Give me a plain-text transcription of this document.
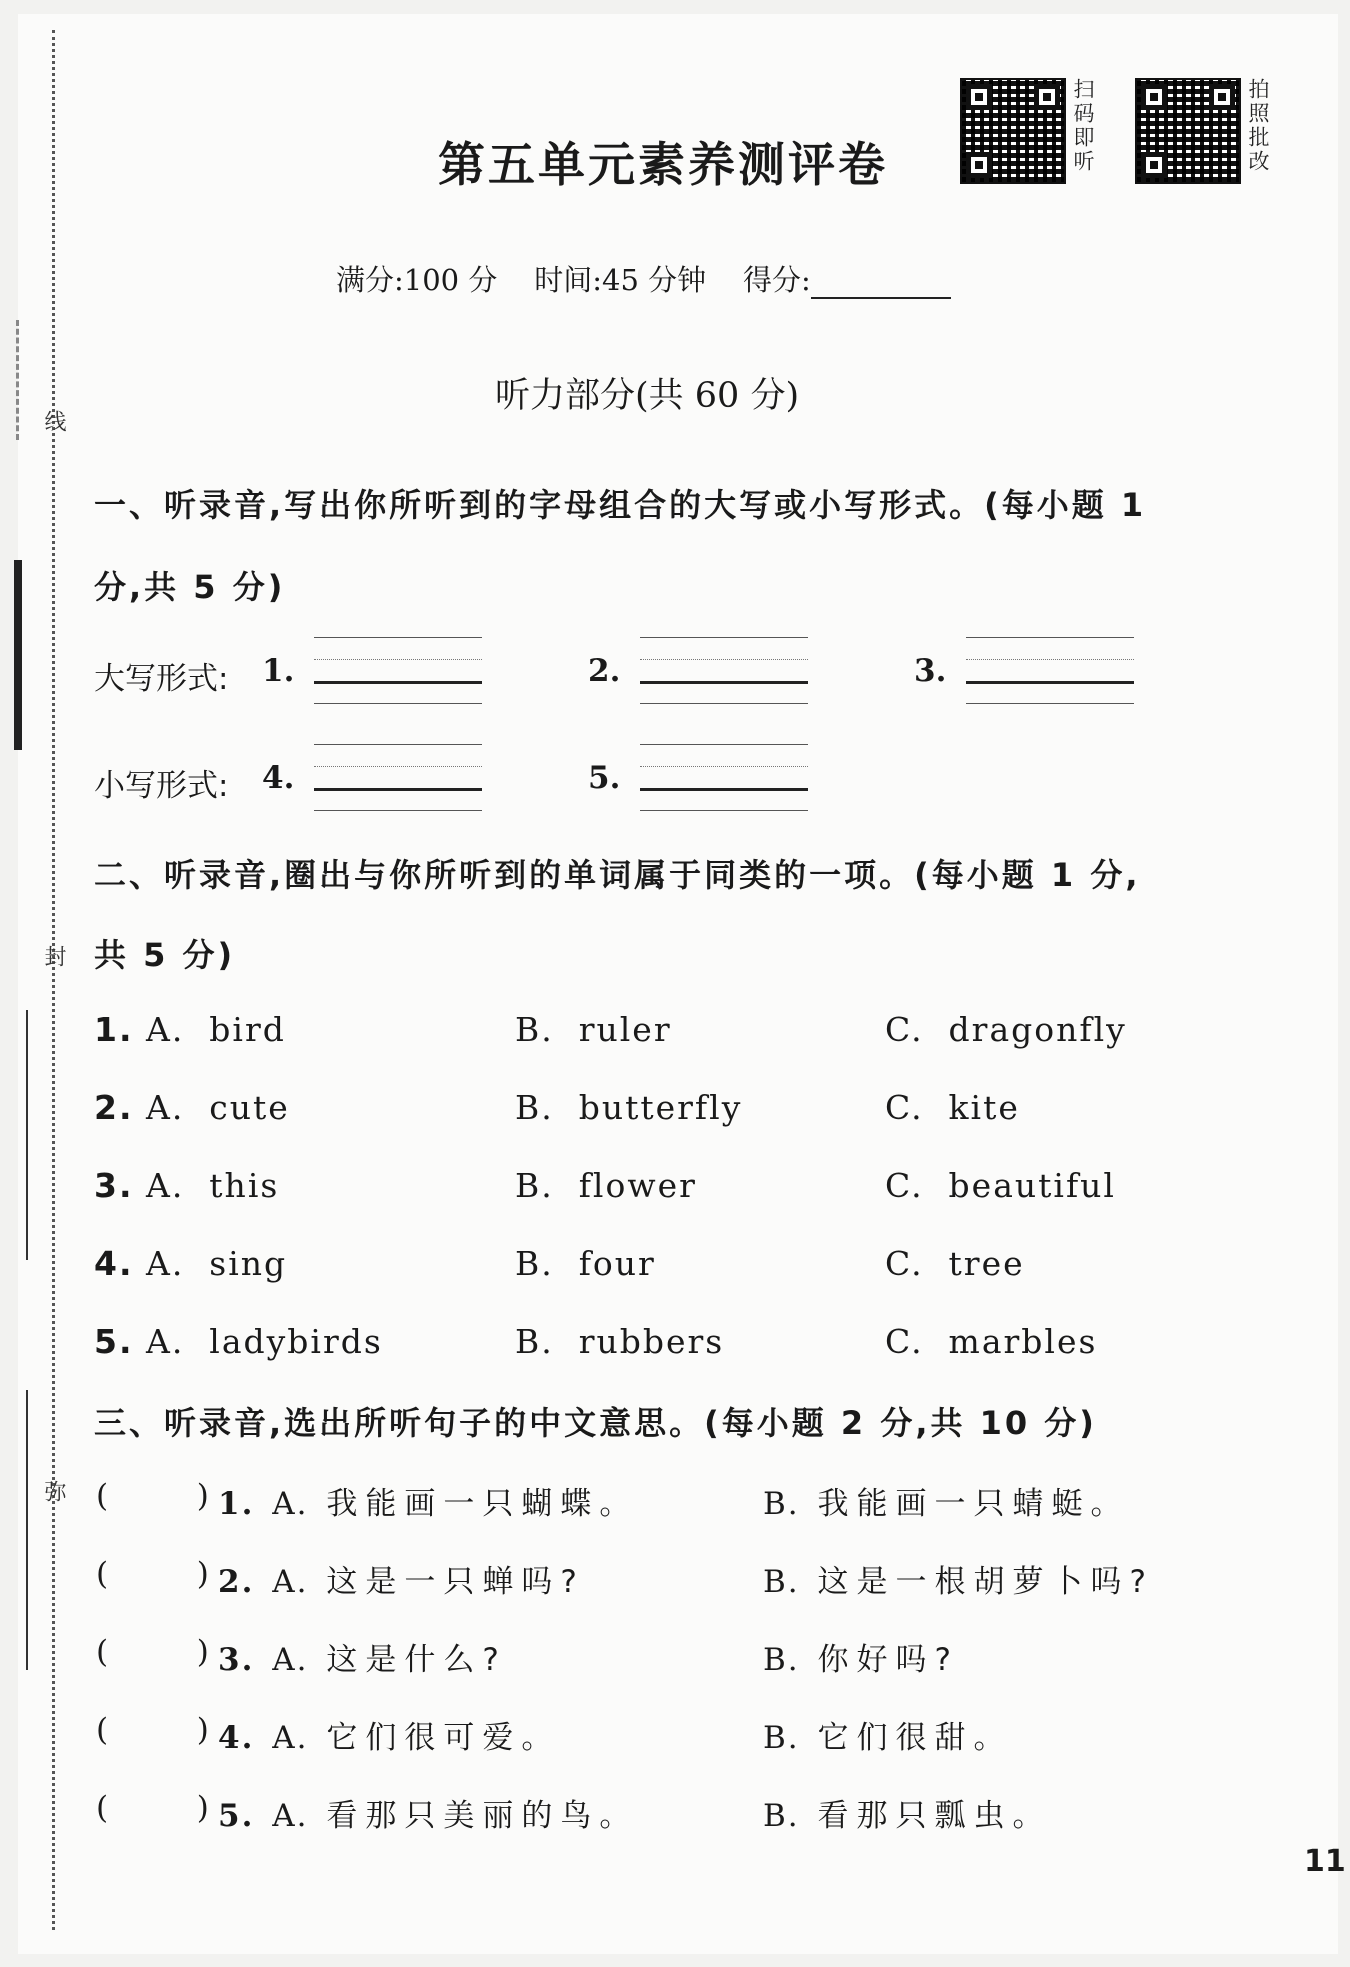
线
封
弥
扫码即听	拍照批改
第五单元素养测评卷
满分:100 分 时间:45 分钟 得分:
听力部分(共 60 分)
一、听录音,写出你所听到的字母组合的大写或小写形式。(每小题 1
分,共 5 分)
大写形式: 1.	2.	3.
小写形式: 4.	5.
二、听录音,圈出与你所听到的单词属于同类的一项。(每小题 1 分,
共 5 分)
1. A.  bird	B.  ruler	C.  dragonfly
2. A.  cute	B.  butterfly	C.  kite
3. A.  this	B.  flower	C.  beautiful
4. A.  sing	B.  four	C.  tree
5. A.  ladybirds	B.  rubbers	C.  marbles
三、听录音,选出所听句子的中文意思。(每小题 2 分,共 10 分)
(         ) 1. A. 我能画一只蝴蝶。	B. 我能画一只蜻蜓。
(         ) 2. A. 这是一只蝉吗?	B. 这是一根胡萝卜吗?
(         ) 3. A. 这是什么?	B. 你好吗?
(         ) 4. A. 它们很可爱。	B. 它们很甜。
(         ) 5. A. 看那只美丽的鸟。	B. 看那只瓢虫。
11
